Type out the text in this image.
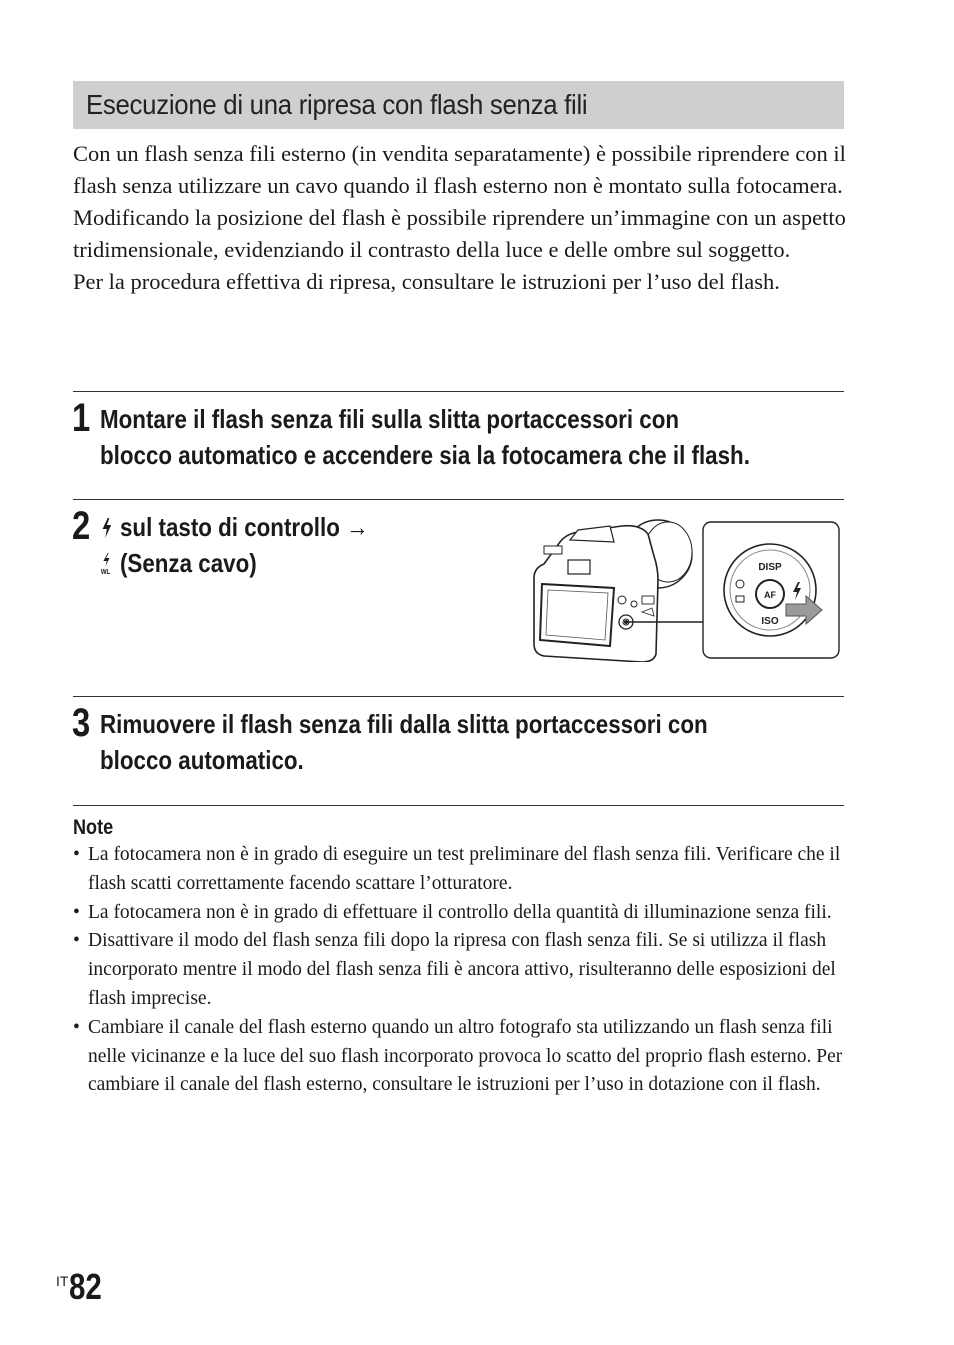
Esecuzione di una ripresa con flash senza fili

Con un flash senza fili esterno (in vendita separatamente) è possibile riprendere con il flash senza utilizzare un cavo quando il flash esterno non è montato sulla fotocamera. Modificando la posizione del flash è possibile riprendere un’immagine con un aspetto tridimensionale, evidenziando il contrasto della luce e delle ombre sul soggetto.

Per la procedura effettiva di ripresa, consultare le istruzioni per l’uso del flash.

1 Montare il flash senza fili sulla slitta portaccessori con blocco automatico e accendere sia la fotocamera che il flash.
2	sul tasto di controllo →

WL (Senza cavo)	DISP
AF
ISO
3 Rimuovere il flash senza fili dalla slitta portaccessori con blocco automatico.
Note
• La fotocamera non è in grado di eseguire un test preliminare del flash senza fili. Verificare che il flash scatti correttamente facendo scattare l’otturatore.
• La fotocamera non è in grado di effettuare il controllo della quantità di illuminazione senza fili.
• Disattivare il modo del flash senza fili dopo la ripresa con flash senza fili. Se si utilizza il flash incorporato mentre il modo del flash senza fili è ancora attivo, risulteranno delle esposizioni del flash imprecise.
• Cambiare il canale del flash esterno quando un altro fotografo sta utilizzando un flash senza fili nelle vicinanze e la luce del suo flash incorporato provoca lo scatto del proprio flash esterno. Per cambiare il canale del flash esterno, consultare le istruzioni per l’uso in dotazione con il flash.
IT82
